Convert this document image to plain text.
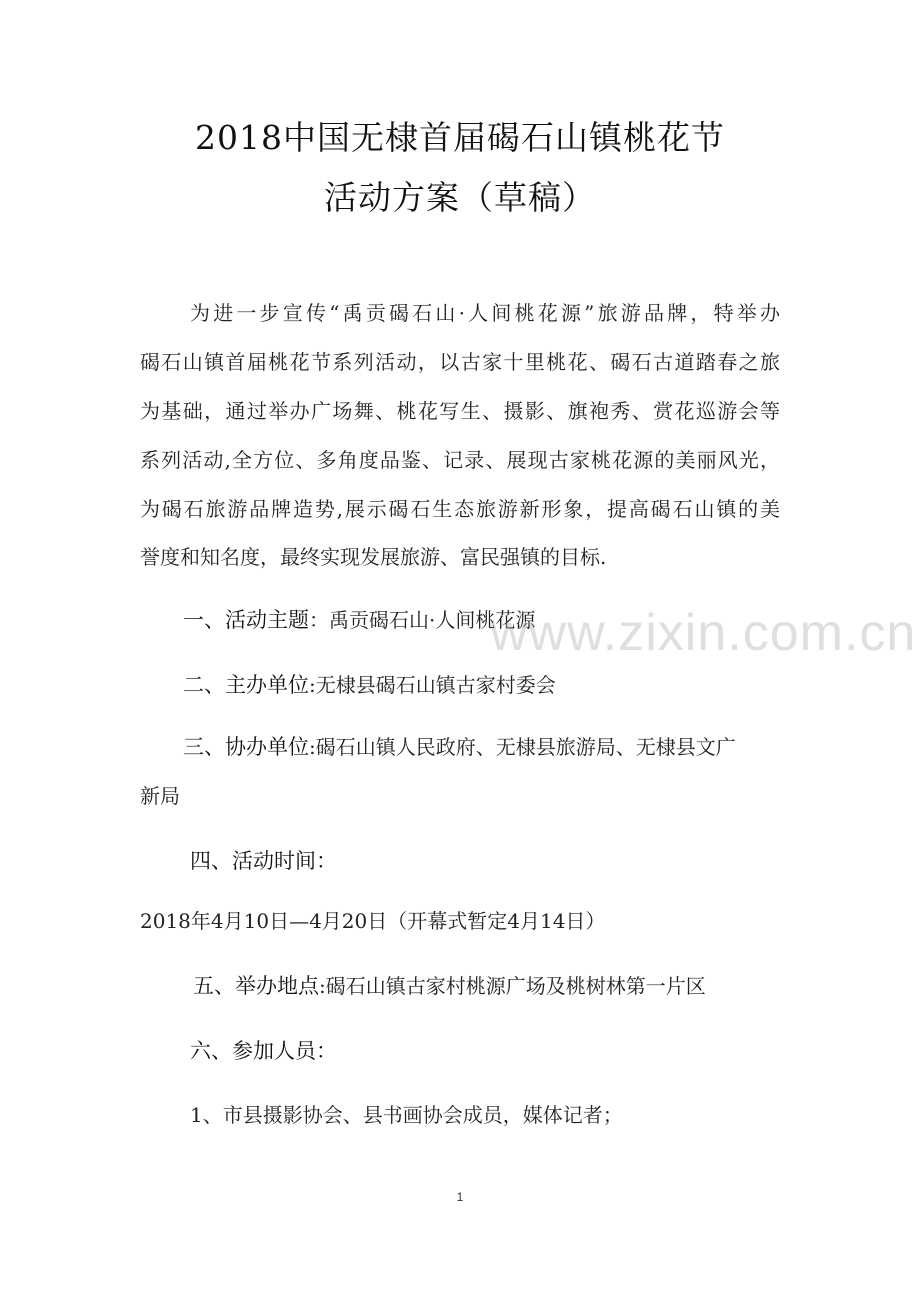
2018中国无棣首届碣石山镇桃花节
活动方案（草稿）
为进一步宣传“禹贡碣石山·人间桃花源”旅游品牌，特举办
碣石山镇首届桃花节系列活动，以古家十里桃花、碣石古道踏春之旅
为基础，通过举办广场舞、桃花写生、摄影、旗袍秀、赏花巡游会等
系列活动,全方位、多角度品鉴、记录、展现古家桃花源的美丽风光，
为碣石旅游品牌造势,展示碣石生态旅游新形象，提高碣石山镇的美
誉度和知名度，最终实现发展旅游、富民强镇的目标.
一、活动主题：禹贡碣石山·人间桃花源
二、主办单位:无棣县碣石山镇古家村委会
三、协办单位:碣石山镇人民政府、无棣县旅游局、无棣县文广
新局
四、活动时间：
2018年4月10日—4月20日（开幕式暂定4月14日）
五、举办地点:碣石山镇古家村桃源广场及桃树林第一片区
六、参加人员：
1、市县摄影协会、县书画协会成员，媒体记者；
www.zixin.com.cn
1
